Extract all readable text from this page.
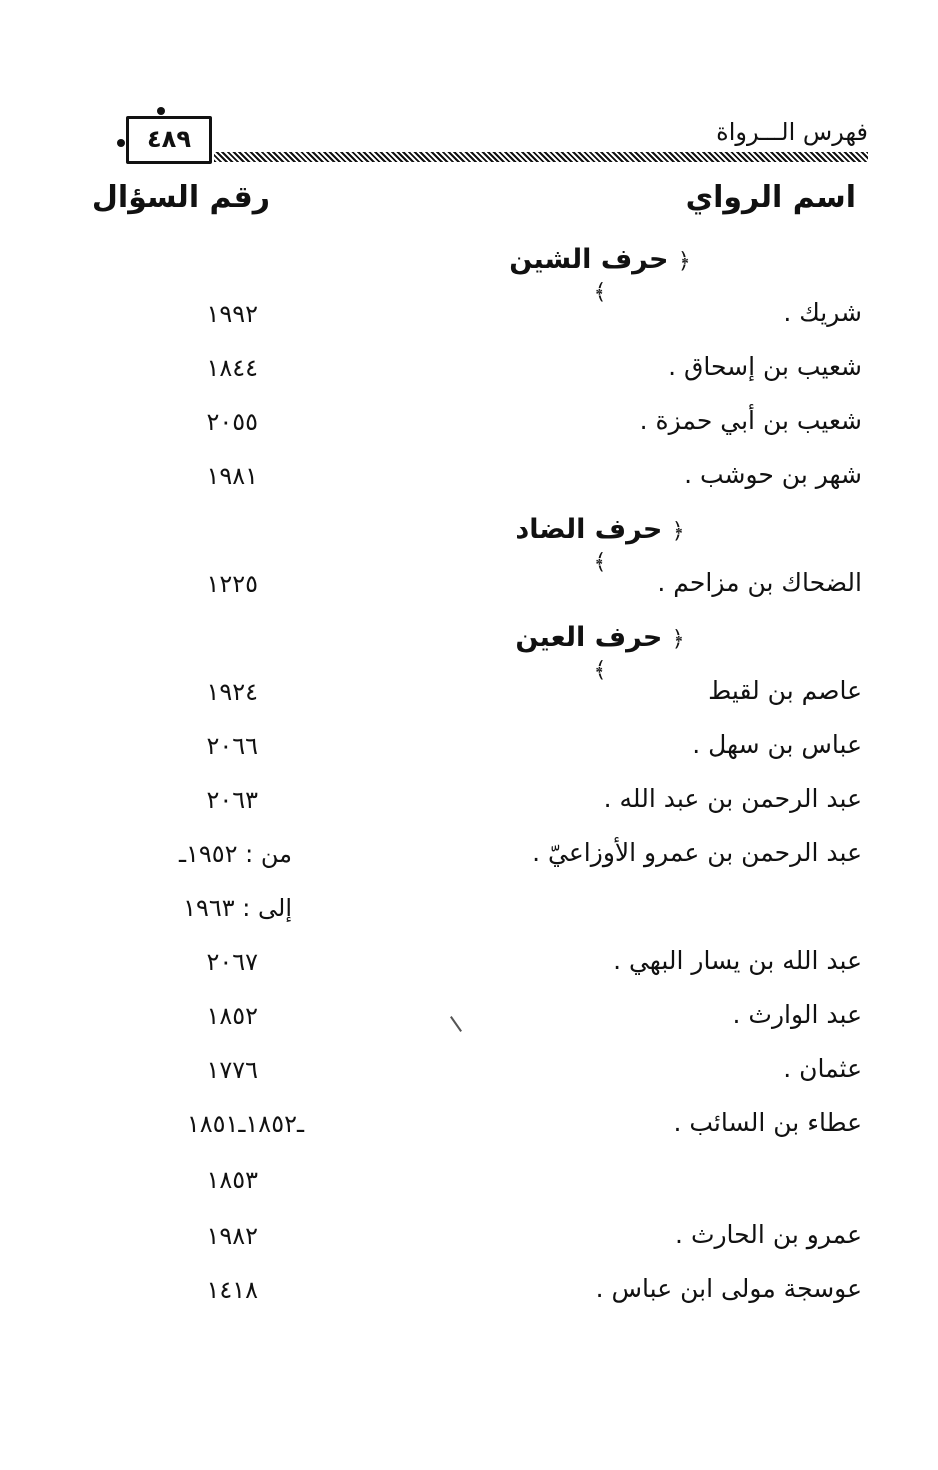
٤٨٩	فهرس الـــرواة
اسم الرواي
رقم السؤال
﴿ حرف الشين ﴾
شريك .
١٩٩٢
شعيب بن إسحاق .
١٨٤٤
شعيب بن أبي حمزة .
٢٠٥٥
شهر بن حوشب .
١٩٨١
﴿ حرف الضاد ﴾
الضحاك بن مزاحم .
١٢٢٥
﴿ حرف العين ﴾
عاصم بن لقيط
١٩٢٤
عباس بن سهل .
٢٠٦٦
عبد الرحمن بن عبد الله .
٢٠٦٣
عبد الرحمن بن عمرو الأوزاعيّ .
من : ١٩٥٢ـ
إلى : ١٩٦٣
عبد الله بن يسار البهي .
٢٠٦٧
عبد الوارث .
١٨٥٢
عثمان .
١٧٧٦
عطاء بن السائب .
ـ١٨٥٢ـ١٨٥١
١٨٥٣
عمرو بن الحارث .
١٩٨٢
عوسجة مولى ابن عباس .
١٤١٨
